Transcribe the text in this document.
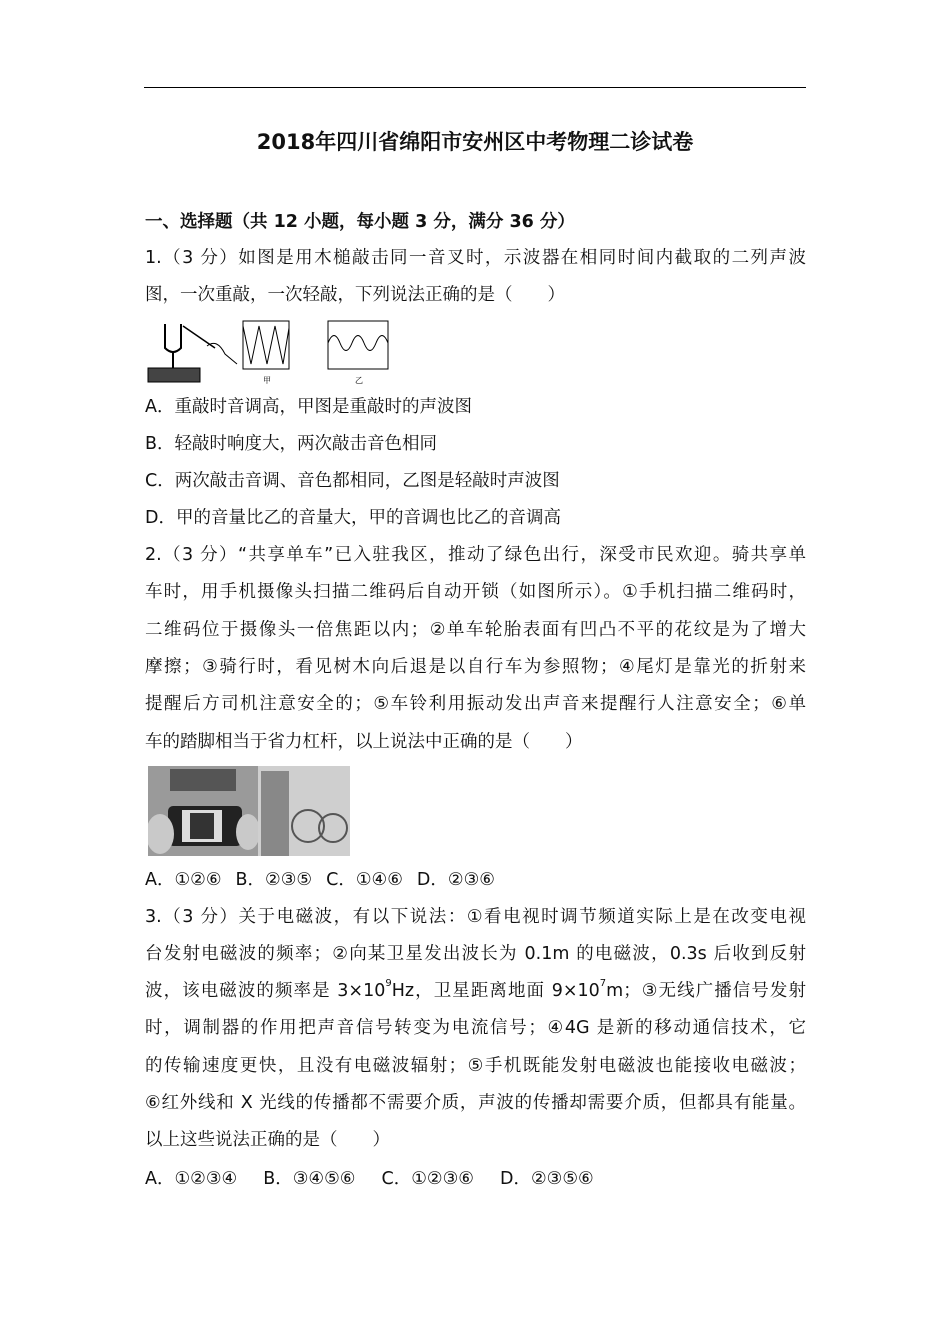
2018年四川省绵阳市安州区中考物理二诊试卷
一、选择题（共 12 小题，每小题 3 分，满分 36 分）
1.（3 分）如图是用木槌敲击同一音叉时，示波器在相同时间内截取的二列声波
图，一次重敲，一次轻敲，下列说法正确的是（　　）
甲	乙
A．重敲时音调高，甲图是重敲时的声波图
B．轻敲时响度大，两次敲击音色相同
C．两次敲击音调、音色都相同，乙图是轻敲时声波图
D．甲的音量比乙的音量大，甲的音调也比乙的音调高
2.（3 分）“共享单车”已入驻我区，推动了绿色出行，深受市民欢迎。骑共享单
车时，用手机摄像头扫描二维码后自动开锁（如图所示）。①手机扫描二维码时，
二维码位于摄像头一倍焦距以内；②单车轮胎表面有凹凸不平的花纹是为了增大
摩擦；③骑行时，看见树木向后退是以自行车为参照物；④尾灯是靠光的折射来
提醒后方司机注意安全的；⑤车铃利用振动发出声音来提醒行人注意安全；⑥单
车的踏脚相当于省力杠杆，以上说法中正确的是（　　）
A．①②⑥ B．②③⑤ C．①④⑥ D．②③⑥
3.（3 分）关于电磁波，有以下说法：①看电视时调节频道实际上是在改变电视
台发射电磁波的频率；②向某卫星发出波长为 0.1m 的电磁波，0.3s 后收到反射
波，该电磁波的频率是 $3\times 10^9Hz$，卫星距离地面 $9\times 10^7m$；③无线广播信号发射
时，调制器的作用把声音信号转变为电流信号；④4G 是新的移动通信技术，它
的传输速度更快，且没有电磁波辐射；⑤手机既能发射电磁波也能接收电磁波；
⑥红外线和 X 光线的传播都不需要介质，声波的传播却需要介质，但都具有能量。
以上这些说法正确的是（　　）
A．①②③④ B．③④⑤⑥ C．①②③⑥ D．②③⑤⑥
